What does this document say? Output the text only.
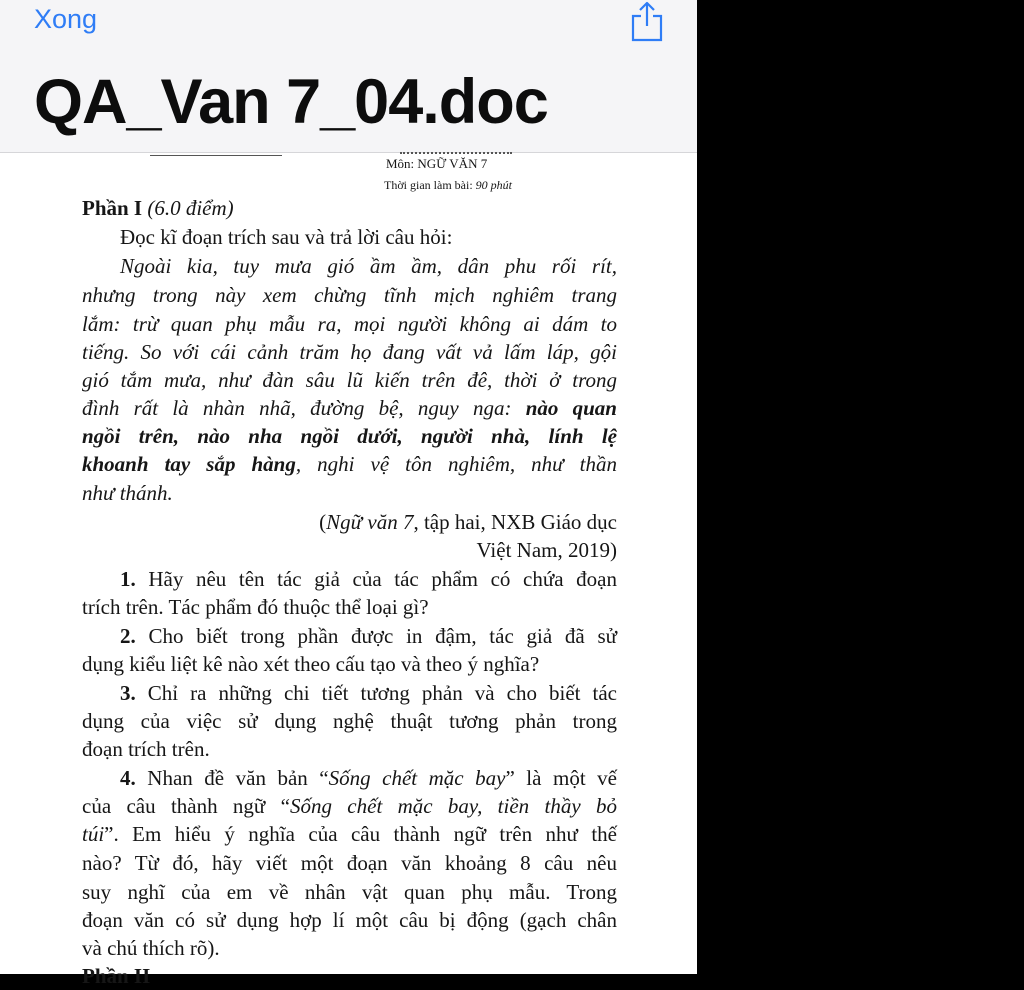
Xong
QA_Van 7_04.doc
Môn: NGỮ VĂN 7
Thời gian làm bài: 90 phút
Phần I (6.0 điểm)
Đọc kĩ đoạn trích sau và trả lời câu hỏi:
Ngoài kia, tuy mưa gió ầm ầm, dân phu rối rít,
nhưng trong này xem chừng tĩnh mịch nghiêm trang
lắm: trừ quan phụ mẫu ra, mọi người không ai dám to
tiếng. So với cái cảnh trăm họ đang vất vả lấm láp, gội
gió tắm mưa, như đàn sâu lũ kiến trên đê, thời ở trong
đình rất là nhàn nhã, đường bệ, nguy nga: nào quan
ngồi trên, nào nha ngồi dưới, người nhà, lính lệ
khoanh tay sắp hàng, nghi vệ tôn nghiêm, như thần
như thánh.
(Ngữ văn 7, tập hai, NXB Giáo dục
Việt Nam, 2019)
1. Hãy nêu tên tác giả của tác phẩm có chứa đoạn
trích trên. Tác phẩm đó thuộc thể loại gì?
2. Cho biết trong phần được in đậm, tác giả đã sử
dụng kiểu liệt kê nào xét theo cấu tạo và theo ý nghĩa?
3. Chỉ ra những chi tiết tương phản và cho biết tác
dụng của việc sử dụng nghệ thuật tương phản trong
đoạn trích trên.
4. Nhan đề văn bản “Sống chết mặc bay” là một vế
của câu thành ngữ “Sống chết mặc bay, tiền thầy bỏ
túi”. Em hiểu ý nghĩa của câu thành ngữ trên như thế
nào? Từ đó, hãy viết một đoạn văn khoảng 8 câu nêu
suy nghĩ của em về nhân vật quan phụ mẫu. Trong
đoạn văn có sử dụng hợp lí một câu bị động (gạch chân
và chú thích rõ).
Phần II
